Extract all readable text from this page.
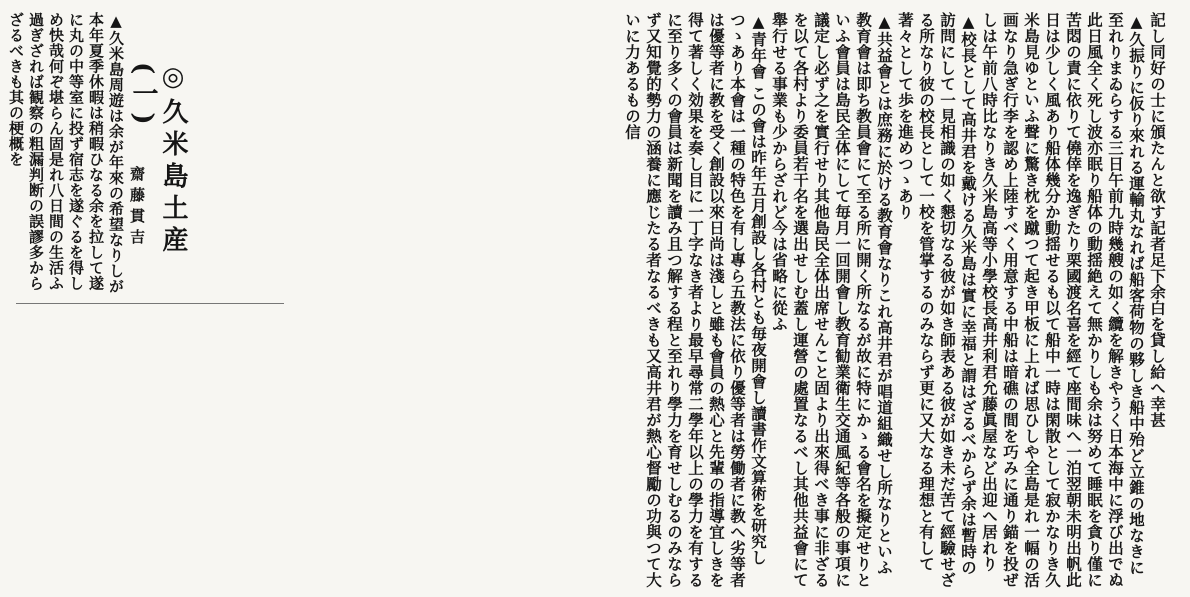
◎久米島土産(一)
齋藤貫吉
▲久米島周遊は余が年來の希望なりしが本年夏季休暇は稍暇ひなる余を拉して遂に丸の中等室に投ず宿志を遂ぐるを得しめ快哉何ぞ堪らん固是れ八日間の生活ふ過ぎざれば観察の粗漏判断の誤謬多からざるべきも其の梗概を	記し同好の士に頒たんと欲す記者足下余白を貸し給へ幸甚

▲久振りに仮り來れる運輸丸なれば船客荷物の夥しき船中殆ど立錐の地なきに至れりまゐらする三日午前九時幾艘の如く纜を解きやうく日本海中に浮び出でぬ此日風全く死し波亦眠り船体の動揺絶えて無かりしも余は努めて睡眠を貪り僅に苦悶の責に依りて僥倖を逸ぎたり栗國渡名喜を經て座間味へ一泊翌朝未明出帆此日は少しく風あり船体幾分か動揺せるも以て船中一時は閑散として寂かなりき久米島見ゆといふ聲に驚き枕を蹴つて起き甲板に上れば思ひしや全島是れ一幅の活画なり急ぎ行李を認め上陸すべく用意する中船は暗礁の間を巧みに通り錨を投ぜしは午前八時比なりき久米島高等小學校長高井利君允藤眞屋など出迎へ居れり

▲校長として高井君を戴ける久米島は實に幸福と謂はざるべからず余は暫時の訪問にして一見相識の如く懇切なる彼が如き師表ある彼が如き未だ苦て經驗せざる所なり彼の校長として一校を管掌するのみならず更に又大なる理想と有して著々として歩を進めつゝあり

▲共益會とは庶務に於ける教育會なりこれ高井君が唱道組織せし所なりといふ教育會は即ち教員會にて至る所に開く所なるが故に特にかゝる會名を擬定せりといふ會員は島民全体にして毎月一回開會し教育勧業衛生交通風紀等各般の事項に議定し必ず之を實行せり其他島民全体出席せんこと固より出來得べき事に非ざるを以て各村より委員若干名を選出せしむ蓋し運營の處置なるべし其他共益會にて舉行せる事業も少からざれど今は省略に從ふ

▲青年會 この會は昨年五月創設し各村とも毎夜開會し讀書作文算術を研究しつゝあり本會は一種の特色を有し專ら五教法に依り優等者は勞働者に教へ劣等者は優等者に教を受く創設以來日尚は淺しと雖も會員の熱心と先輩の指導宜しきを得て著しく効果を奏し目に一丁字なき者より最早尋常二學年以上の學力を有するに至り多くの會員は新聞を讀み且つ解する程と至れり學力を育せしむるのみならず又知覺的勢力の涵養に應じたる者なるべきも又高井君が熱心督勵の功與つて大いに力あるもの信
